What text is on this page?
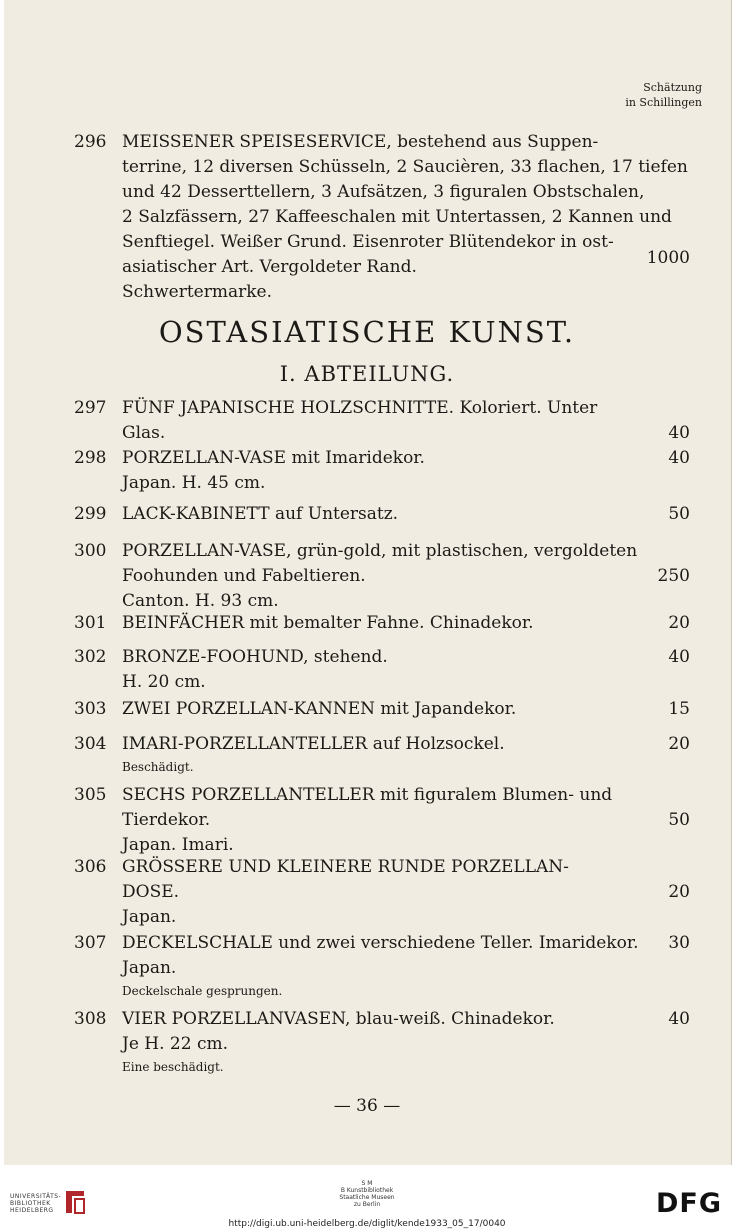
Schätzung
in Schillingen
296 MEISSENER SPEISESERVICE, bestehend aus Suppen-
terrine, 12 diversen Schüsseln, 2 Saucièren, 33 flachen, 17 tiefen
und 42 Desserttellern, 3 Aufsätzen, 3 figuralen Obstschalen,
2 Salzfässern, 27 Kaffeeschalen mit Untertassen, 2 Kannen und
Senftiegel. Weißer Grund. Eisenroter Blütendekor in ost-
asiatischer Art. Vergoldeter Rand.
Schwertermarke.
1000
OSTASIATISCHE KUNST.
I. ABTEILUNG.
297 FÜNF JAPANISCHE HOLZSCHNITTE. Koloriert. Unter
Glas.	40
298 PORZELLAN-VASE mit Imaridekor.
Japan. H. 45 cm.
40
299 LACK-KABINETT auf Untersatz.	50
300 PORZELLAN-VASE, grün-gold, mit plastischen, vergoldeten
Foohunden und Fabeltieren.
Canton. H. 93 cm.
250
301 BEINFÄCHER mit bemalter Fahne. Chinadekor.	20
302 BRONZE-FOOHUND, stehend.
H. 20 cm.
40
303 ZWEI PORZELLAN-KANNEN mit Japandekor.	15
304 IMARI-PORZELLANTELLER auf Holzsockel.
Beschädigt.
20
305 SECHS PORZELLANTELLER mit figuralem Blumen- und
Tierdekor.
Japan. Imari.
50
306 GRÖSSERE UND KLEINERE RUNDE PORZELLAN-
DOSE.
Japan.
20
307 DECKELSCHALE und zwei verschiedene Teller. Imaridekor.
Japan.
Deckelschale gesprungen.
30
308 VIER PORZELLANVASEN, blau-weiß. Chinadekor.
Je H. 22 cm.
Eine beschädigt.
40
— 36 —
UNIVERSITÄTS-
BIBLIOTHEK
HEIDELBERG
S M
B Kunstbibliothek
Staatliche Museen
zu Berlin
http://digi.ub.uni-heidelberg.de/diglit/kende1933_05_17/0040
DFG
